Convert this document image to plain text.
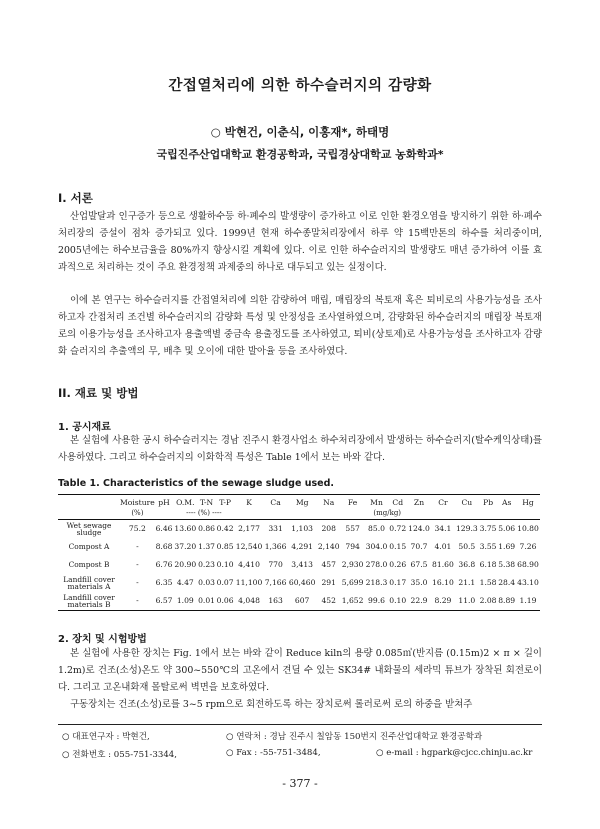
간접열처리에 의한 하수슬러지의 감량화
○ 박현건, 이춘식, 이홍재*, 하태명
국립진주산업대학교 환경공학과, 국립경상대학교 농화학과*
I. 서론

산업발달과 인구증가 등으로 생활하수등 하·폐수의 발생량이 증가하고 이로 인한 환경오염을 방지하기 위한 하·폐수처리장의 증설이 점차 증가되고 있다. 1999년 현재 하수종말처리장에서 하루 약 15백만톤의 하수를 처리중이며, 2005년에는 하수보급율을 80%까지 향상시킬 계획에 있다. 이로 인한 하수슬러지의 발생량도 매년 증가하여 이를 효과적으로 처리하는 것이 주요 환경정책 과제중의 하나로 대두되고 있는 실정이다.

이에 본 연구는 하수슬러지를 간접열처리에 의한 감량하여 매립, 매립장의 복토재 혹은 퇴비로의 사용가능성을 조사하고자 간접처리 조건별 하수슬러지의 감량화 특성 및 안정성을 조사열하였으며, 감량화된 하수슬러지의 매립장 복토재로의 이용가능성을 조사하고자 용출액별 중금속 용출정도를 조사하였고, 퇴비(상토제)로 사용가능성을 조사하고자 감량화 슬러지의 추출액의 무, 배추 및 오이에 대한 발아율 등을 조사하였다.

II. 재료 및 방법
1. 공시재료

본 실험에 사용한 공시 하수슬러지는 경남 진주시 환경사업소 하수처리장에서 발생하는 하수슬러지(탈수케익상태)를 사용하였다. 그리고 하수슬러지의 이화학적 특성은 Table 1에서 보는 바와 같다.

Table 1. Characteristics of the sewage sludge used.
	Moisture	pH	O.M.	T-N	T-P	K	Ca	Mg	Na	Fe	Mn	Cd	Zn	Cr	Cu	Pb	As	Hg
	(%)		---- (%) ----			(mg/kg)												
Wet sewage sludge	75.2	6.46	13.60	0.86	0.42	2,177	331	1,103	208	557	85.0	0.72	124.0	34.1	129.3	3.75	5.06	10.80
Compost A	-	8.68	37.20	1.37	0.85	12,540	1,366	4,291	2,140	794	304.0	0.15	70.7	4.01	50.5	3.55	1.69	7.26
Compost B	-	6.76	20.90	0.23	0.10	4,410	770	3,413	457	2,930	278.0	0.26	67.5	81.60	36.8	6.18	5.38	68.90
Landfill cover materials A	-	6.35	4.47	0.03	0.07	11,100	7,166	60,460	291	5,699	218.3	0.17	35.0	16.10	21.1	1.58	28.4	43.10
Landfill cover materials B	-	6.57	1.09	0.01	0.06	4,048	163	607	452	1,652	99.6	0.10	22.9	8.29	11.0	2.08	8.89	1.19
2. 장치 및 시험방법

본 실험에 사용한 장치는 Fig. 1에서 보는 바와 같이 Reduce kiln의 용량 0.085㎥(반지름 (0.15m)2 × π × 길이 1.2m)로 건조(소성)온도 약 300~550℃의 고온에서 견딜 수 있는 SK34# 내화물의 세라믹 튜브가 장착된 회전로이다. 그리고 고온내화재 몰탈로써 벽면을 보호하였다.

구동장치는 건조(소성)로를 3~5 rpm으로 회전하도록 하는 장치로써 롤러로써 로의 하중을 받쳐주

○ 대표연구자 : 박현건,	○ 연락처 : 경남 진주시 칠암동 150번지 진주산업대학교 환경공학과
○ 전화번호 : 055-751-3344,	○ Fax : -55-751-3484,	○ e-mail : hgpark@cjcc.chinju.ac.kr
- 377 -
